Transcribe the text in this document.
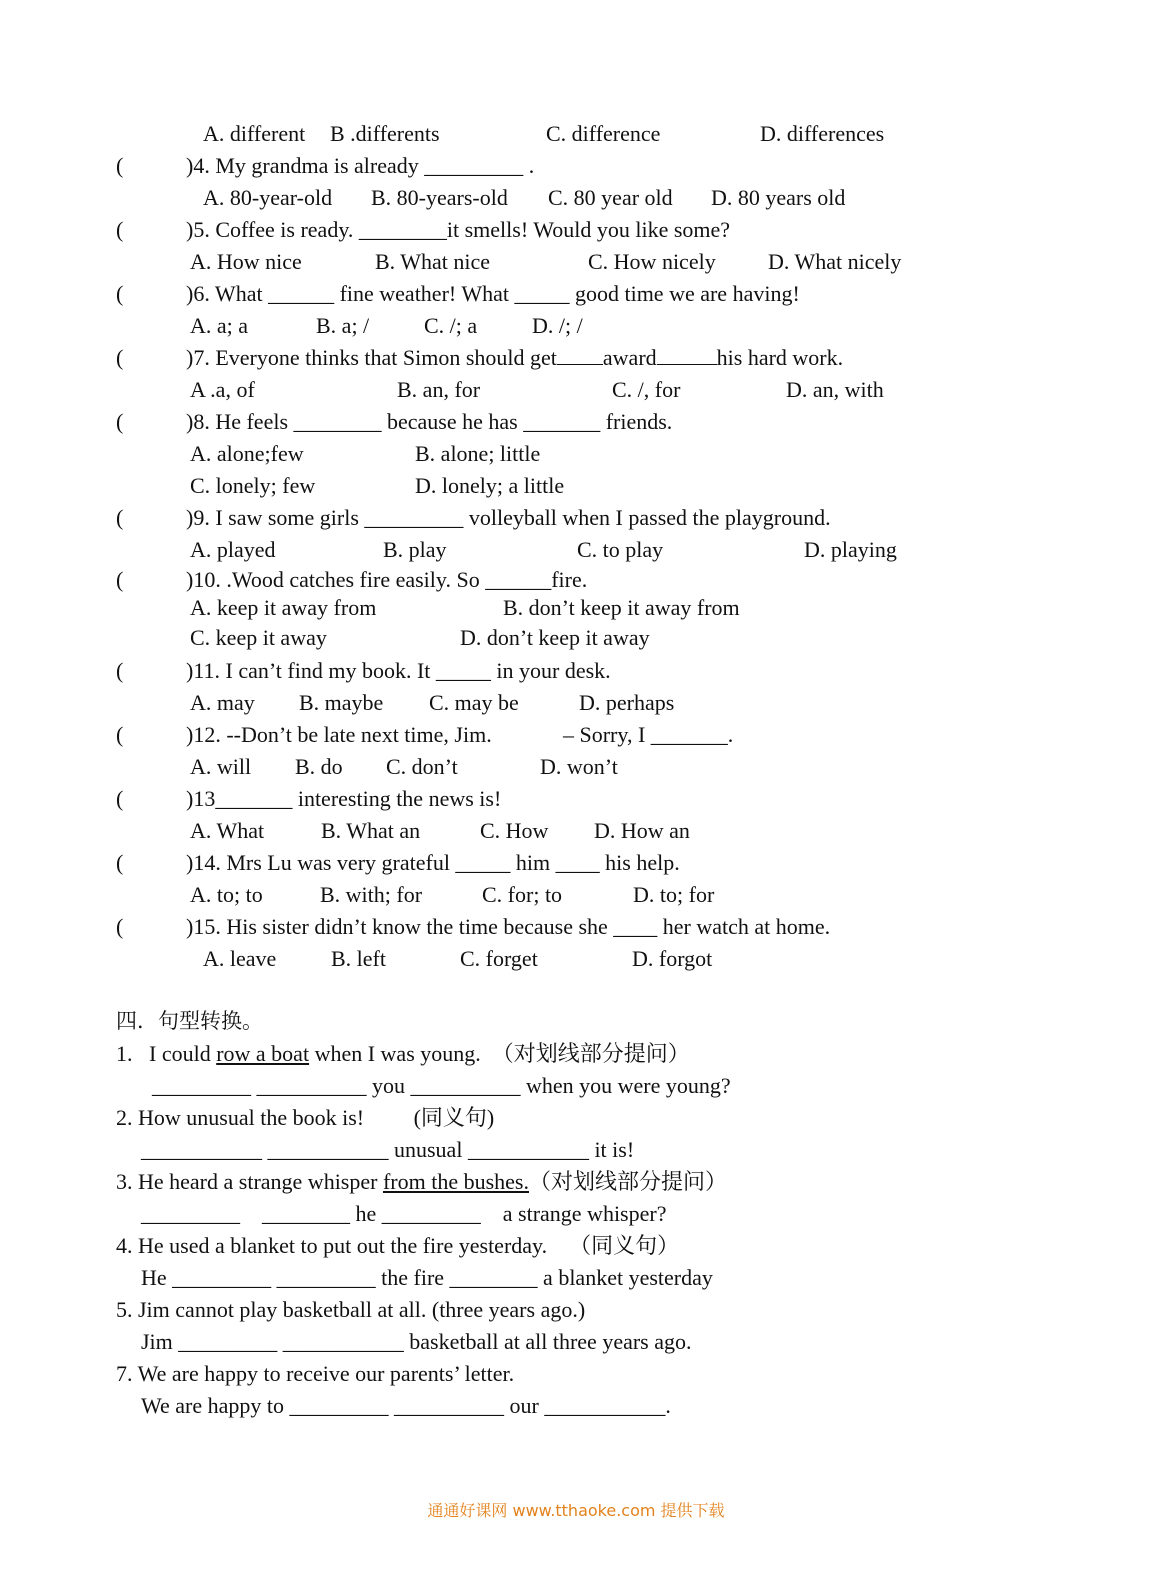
A. different B .differents	C. difference	D. differences
(	)4. My grandma is already _________ .
A. 80-year-old B. 80-years-old C. 80 year old D. 80 years old
(	)5. Coffee is ready. ________it smells! Would you like some?
A. How nice	B. What nice	C. How nicely D. What nicely
(	)6. What ______ fine weather! What _____ good time we are having!
A. a; a	B. a; / C. /; a D. /; /
(	)7. Everyone thinks that Simon should get award	his hard work.
A .a, of	B. an, for	C. /, for	D. an, with
(	)8. He feels ________ because he has _______ friends.
A. alone;few	B. alone; little
C. lonely; few	D. lonely; a little
(	)9. I saw some girls _________ volleyball when I passed the playground.
A. played	B. play	C. to play	D. playing
(	)10. .Wood catches fire easily. So ______fire.
A. keep it away from	B. don’t keep it away from
C. keep it away	D. don’t keep it away
(	)11. I can’t find my book. It _____ in your desk.
A. may B. maybe C. may be	D. perhaps
(	)12. --Don’t be late next time, Jim.	– Sorry, I _______.
A. will B. do C. don’t	D. won’t
(	)13_______ interesting the news is!
A. What	B. What an	C. How D. How an
(	)14. Mrs Lu was very grateful _____ him ____ his help.
A. to; to	B. with; for	C. for; to	D. to; for
(	)15. His sister didn’t know the time because she ____ her watch at home.
A. leave B. left	C. forget	D. forgot
四．句型转换。
1.   I could row a boat when I was young.  （对划线部分提问）
_________ __________ you __________ when you were young?
2. How unusual the book is!         (同义句)
___________ ___________ unusual ___________ it is!
3. He heard a strange whisper from the bushes.（对划线部分提问）
_________    ________ he _________    a strange whisper?
4. He used a blanket to put out the fire yesterday.    （同义句）
He _________ _________ the fire ________ a blanket yesterday
5. Jim cannot play basketball at all. (three years ago.)
Jim _________ ___________ basketball at all three years ago.
7. We are happy to receive our parents’ letter.
We are happy to _________ __________ our ___________.
通通好课网 www.tthaoke.com 提供下载
